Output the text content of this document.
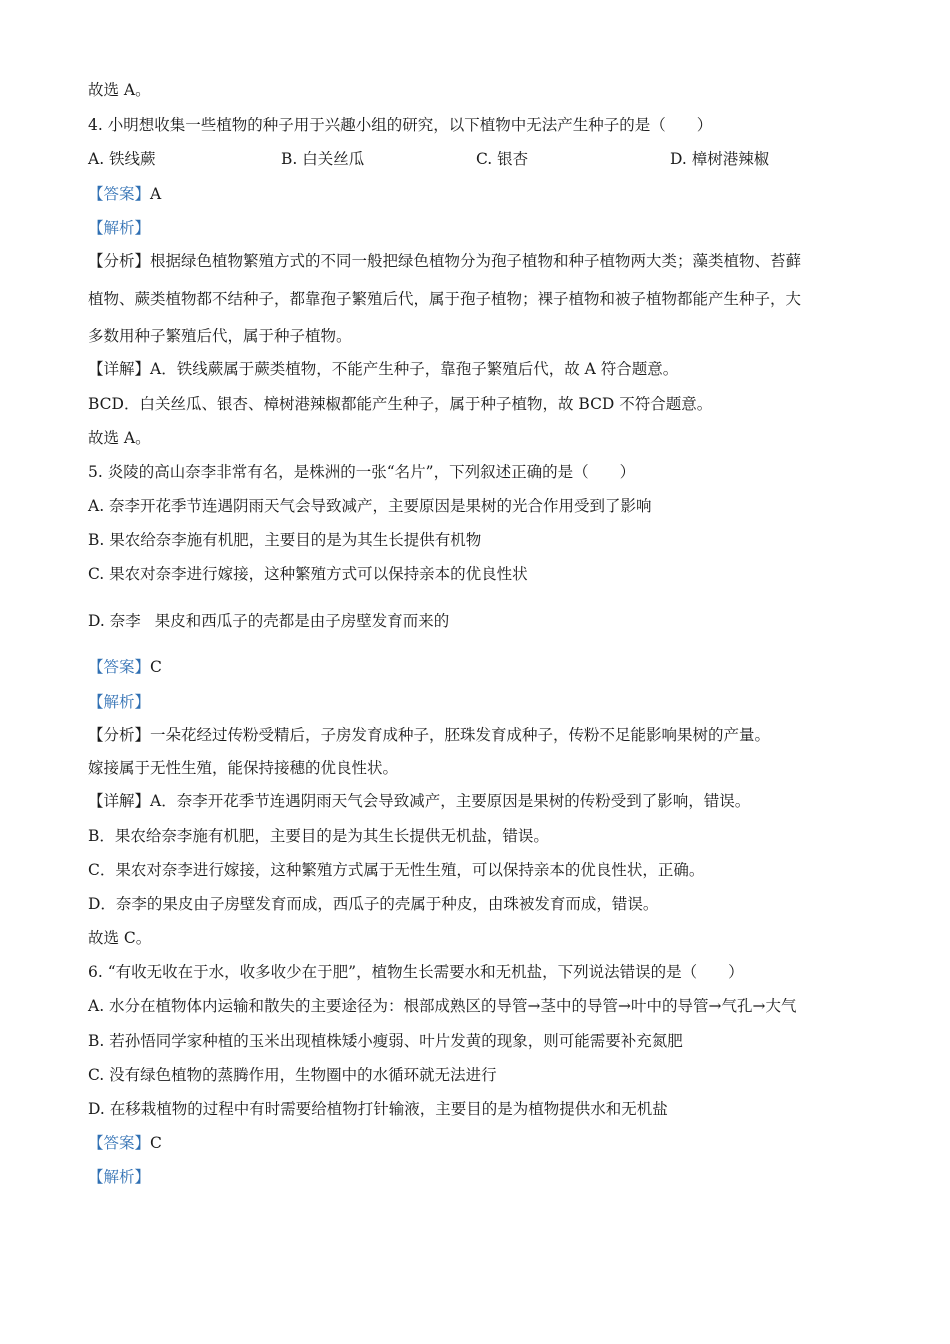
故选 A。

4. 小明想收集一些植物的种子用于兴趣小组的研究，以下植物中无法产生种子的是（　　）

A. 铁线蕨	B. 白关丝瓜	C. 银杏	D. 樟树港辣椒

【答案】A

【解析】

【分析】根据绿色植物繁殖方式的不同一般把绿色植物分为孢子植物和种子植物两大类；藻类植物、苔藓

植物、蕨类植物都不结种子，都靠孢子繁殖后代，属于孢子植物；裸子植物和被子植物都能产生种子，大

多数用种子繁殖后代，属于种子植物。

【详解】A．铁线蕨属于蕨类植物，不能产生种子，靠孢子繁殖后代，故 A 符合题意。

BCD．白关丝瓜、银杏、樟树港辣椒都能产生种子，属于种子植物，故 BCD 不符合题意。

故选 A。

5. 炎陵的高山奈李非常有名，是株洲的一张“名片”，下列叙述正确的是（　　）

A. 奈李开花季节连遇阴雨天气会导致减产，主要原因是果树的光合作用受到了影响

B. 果农给奈李施有机肥，主要目的是为其生长提供有机物

C. 果农对奈李进行嫁接，这种繁殖方式可以保持亲本的优良性状

D. 奈李 果皮和西瓜子的壳都是由子房壁发育而来的

【答案】C

【解析】

【分析】一朵花经过传粉受精后，子房发育成种子，胚珠发育成种子，传粉不足能影响果树的产量。

嫁接属于无性生殖，能保持接穗的优良性状。

【详解】A．奈李开花季节连遇阴雨天气会导致减产，主要原因是果树的传粉受到了影响，错误。

B．果农给奈李施有机肥，主要目的是为其生长提供无机盐，错误。

C．果农对奈李进行嫁接，这种繁殖方式属于无性生殖，可以保持亲本的优良性状，正确。

D．奈李的果皮由子房壁发育而成，西瓜子的壳属于种皮，由珠被发育而成，错误。

故选 C。

6. “有收无收在于水，收多收少在于肥”，植物生长需要水和无机盐，下列说法错误的是（　　）

A. 水分在植物体内运输和散失的主要途径为：根部成熟区的导管→茎中的导管→叶中的导管→气孔→大气

B. 若孙悟同学家种植的玉米出现植株矮小瘦弱、叶片发黄的现象，则可能需要补充氮肥

C. 没有绿色植物的蒸腾作用，生物圈中的水循环就无法进行

D. 在移栽植物的过程中有时需要给植物打针输液，主要目的是为植物提供水和无机盐

【答案】C

【解析】
